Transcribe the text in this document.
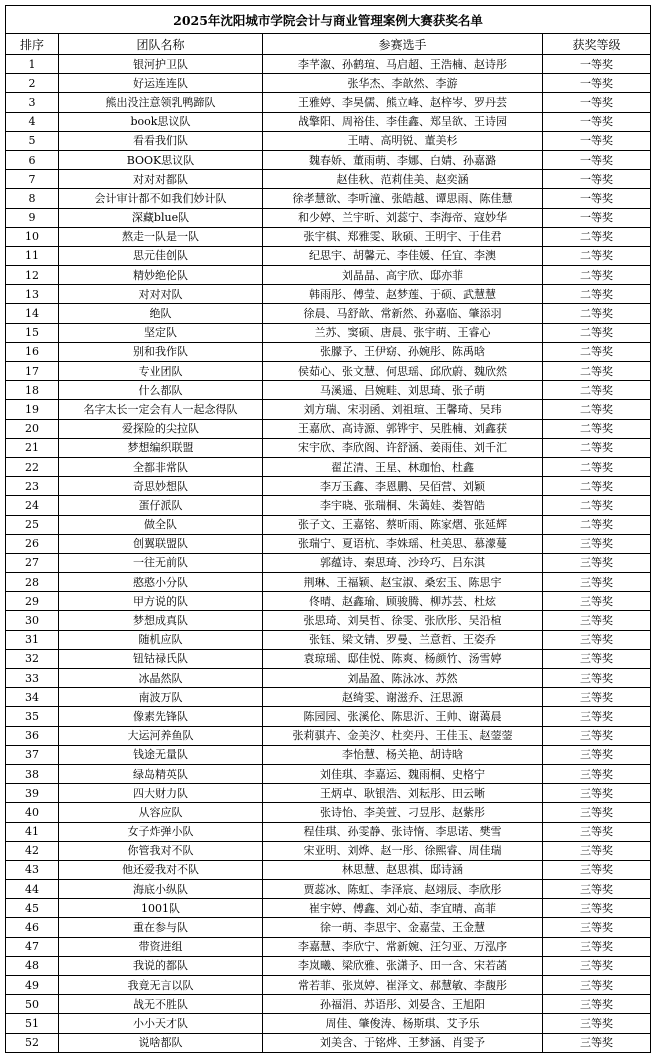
2025年沈阳城市学院会计与商业管理案例大赛获奖名单			
排序	团队名称	参赛选手	获奖等级
1	银河护卫队	李芊溆、孙鹤瑄、马启超、王浩楠、赵诗彤	一等奖
2	好运连连队	张华杰、李歆然、李游	一等奖
3	熊出没注意领乳鸭蹄队	王雅婷、李昊儒、熊立峰、赵梓岑、罗丹芸	一等奖
4	book思议队	战擎阳、周裕佳、李佳鑫、郑呈欲、王诗园	一等奖
5	看看我们队	王晴、高明锐、董美杉	一等奖
6	BOOK思议队	魏春娇、董雨萌、李娜、白婧、孙嘉潞	一等奖
7	对对对都队	赵佳秋、范莉佳美、赵奕涵	一等奖
8	会计审计都不如我们妙计队	徐孝慧欲、李听潼、张皓越、谭思雨、陈佳慧	一等奖
9	深藏blue队	和少婷、兰宇昕、刘蕊宁、李海帝、寇妙华	一等奖
10	熬走一队是一队	张宇棋、郑雅雯、耿硕、王明宇、于佳君	二等奖
11	思元佳创队	纪思宇、胡馨元、李佳媛、任宜、李澳	二等奖
12	精妙绝伦队	刘晶晶、高宇欣、邸亦菲	二等奖
13	对对对队	韩雨彤、傅莹、赵梦莲、于硕、武慧慧	二等奖
14	绝队	徐晨、马舒歆、常新然、孙嘉临、肇添羽	二等奖
15	坚定队	兰苏、窦硕、唐晨、张宇萌、王睿心	二等奖
16	别和我作队	张朦予、王伊窈、孙婉彤、陈禹晗	二等奖
17	专业团队	侯茹心、张文慧、何思瑶、邱欣蔚、魏欣然	二等奖
18	什么都队	马溪遥、吕婉畦、刘思琦、张子萌	二等奖
19	名字太长一定会有人一起念得队	刘方瑞、宋羽函、刘祖瑄、王馨琦、吴玮	二等奖
20	爱探险的尖拉队	王嘉欣、高诗源、郭铧宇、吴胜楠、刘鑫获	二等奖
21	梦想编织联盟	宋宇欣、李欣阁、许舒涵、姜雨佳、刘千汇	二等奖
22	全都非常队	翟芷清、王星、林珈怡、杜鑫	二等奖
23	奇思妙想队	李万玉鑫、李恩鹏、吴佰营、刘颖	二等奖
24	蛋仔派队	李宇晓、张瑞桐、朱蔼娃、娄智皓	二等奖
25	做全队	张子文、王嘉铭、蔡昕雨、陈家熠、张延辉	二等奖
26	创翼联盟队	张瑞宁、夏语杭、李姝瑶、杜美思、慕濛蔓	三等奖
27	一往无前队	郭蕴诗、秦思琦、沙玲巧、吕东淇	三等奖
28	憨憨小分队	荆琳、王福颖、赵宝淑、桑宏玉、陈思宇	三等奖
29	甲方说的队	佟晴、赵鑫瑜、顾骏腾、柳苏芸、杜炫	三等奖
30	梦想成真队	张思琦、刘昊哲、徐雯、张欣彤、吴沿楦	三等奖
31	随机应队	张钰、梁文锖、罗曼、兰意哲、王姿乔	三等奖
32	钮钴禄氏队	袁琼瑶、邸佳悦、陈爽、杨颜竹、汤雪婷	三等奖
33	冰晶然队	刘晶盈、陈泳冰、苏然	三等奖
34	南波万队	赵绮雯、谢滋乔、汪思源	三等奖
35	像素先锋队	陈园园、张溪伦、陈思沂、王帅、谢蔼晨	三等奖
36	大运河养鱼队	张莉骐卉、金美汐、杜奕丹、王佳玉、赵蓥蓥	三等奖
37	钱途无量队	李怡慧、杨关艳、胡诗晗	三等奖
38	绿岛精英队	刘佳琪、李嘉运、魏雨桐、史格宁	三等奖
39	四大财力队	王炳卓、耿银浩、刘耘彤、田云晰	三等奖
40	从容应队	张诗怡、李美萱、刁昱彤、赵紫彤	三等奖
41	女子炸弹小队	程佳琪、孙雯静、张诗惰、李思诺、樊雪	三等奖
42	你管我对不队	宋亚明、刘烨、赵一彤、徐熙睿、周佳瑞	三等奖
43	他还爱我对不队	林思慧、赵思祺、邸诗涵	三等奖
44	海底小纵队	贾蕊冰、陈虹、李泽宸、赵翊辰、李欣彤	三等奖
45	1001队	崔宇婷、傅鑫、刘心茹、李宜晴、高菲	三等奖
46	重在参与队	徐一萌、李思宇、金嘉莹、王金慧	三等奖
47	带资进组	李嘉慧、李欣宁、常新婉、汪匀亚、万泓序	三等奖
48	我说的都队	李岚曦、梁欣雅、张潇予、田一含、宋若菡	三等奖
49	我竟无言以队	常若菲、张岚婷、崔泽文、郝慧敏、李馥彤	三等奖
50	战无不胜队	孙福涓、苏语彤、刘晏含、王旭阳	三等奖
51	小小天才队	周佳、肇俊涛、杨斯琪、艾予乐	三等奖
52	说啥都队	刘美含、于铭烨、王梦涵、肖雯予	三等奖
